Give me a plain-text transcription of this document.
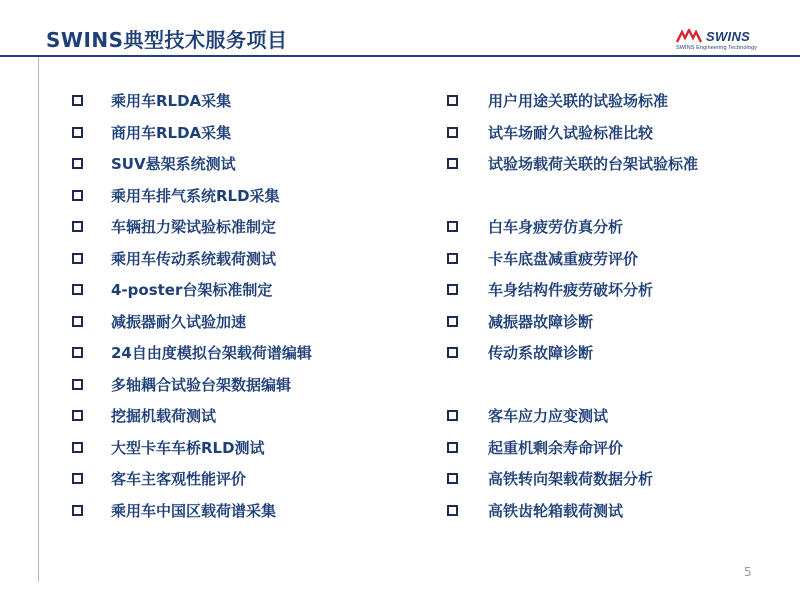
SWINS典型技术服务项目	SWINS
SWINS Engineering Technology
乘用车RLDA采集
商用车RLDA采集
SUV悬架系统测试
乘用车排气系统RLD采集
车辆扭力梁试验标准制定
乘用车传动系统载荷测试
4-poster台架标准制定
减振器耐久试验加速
24自由度模拟台架载荷谱编辑
多轴耦合试验台架数据编辑
挖掘机载荷测试
大型卡车车桥RLD测试
客车主客观性能评价
乘用车中国区载荷谱采集
用户用途关联的试验场标准
试车场耐久试验标准比较
试验场载荷关联的台架试验标准
白车身疲劳仿真分析
卡车底盘减重疲劳评价
车身结构件疲劳破坏分析
减振器故障诊断
传动系故障诊断
客车应力应变测试
起重机剩余寿命评价
高铁转向架载荷数据分析
高铁齿轮箱载荷测试
5
